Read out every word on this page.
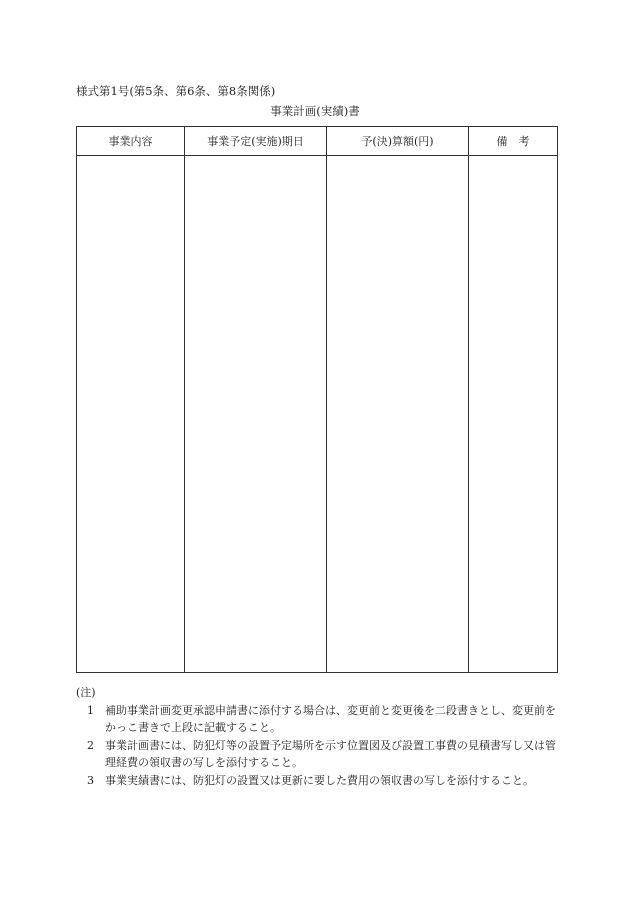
様式第1号(第5条、第6条、第8条関係)
事業計画(実績)書
事業内容	事業予定(実施)期日	予(決)算額(円)	備　考

(注)

1	補助事業計画変更承認申請書に添付する場合は、変更前と変更後を二段書きとし、変更前をかっこ書きで上段に記載すること。
2	事業計画書には、防犯灯等の設置予定場所を示す位置図及び設置工事費の見積書写し又は管理経費の領収書の写しを添付すること。
3	事業実績書には、防犯灯の設置又は更新に要した費用の領収書の写しを添付すること。
